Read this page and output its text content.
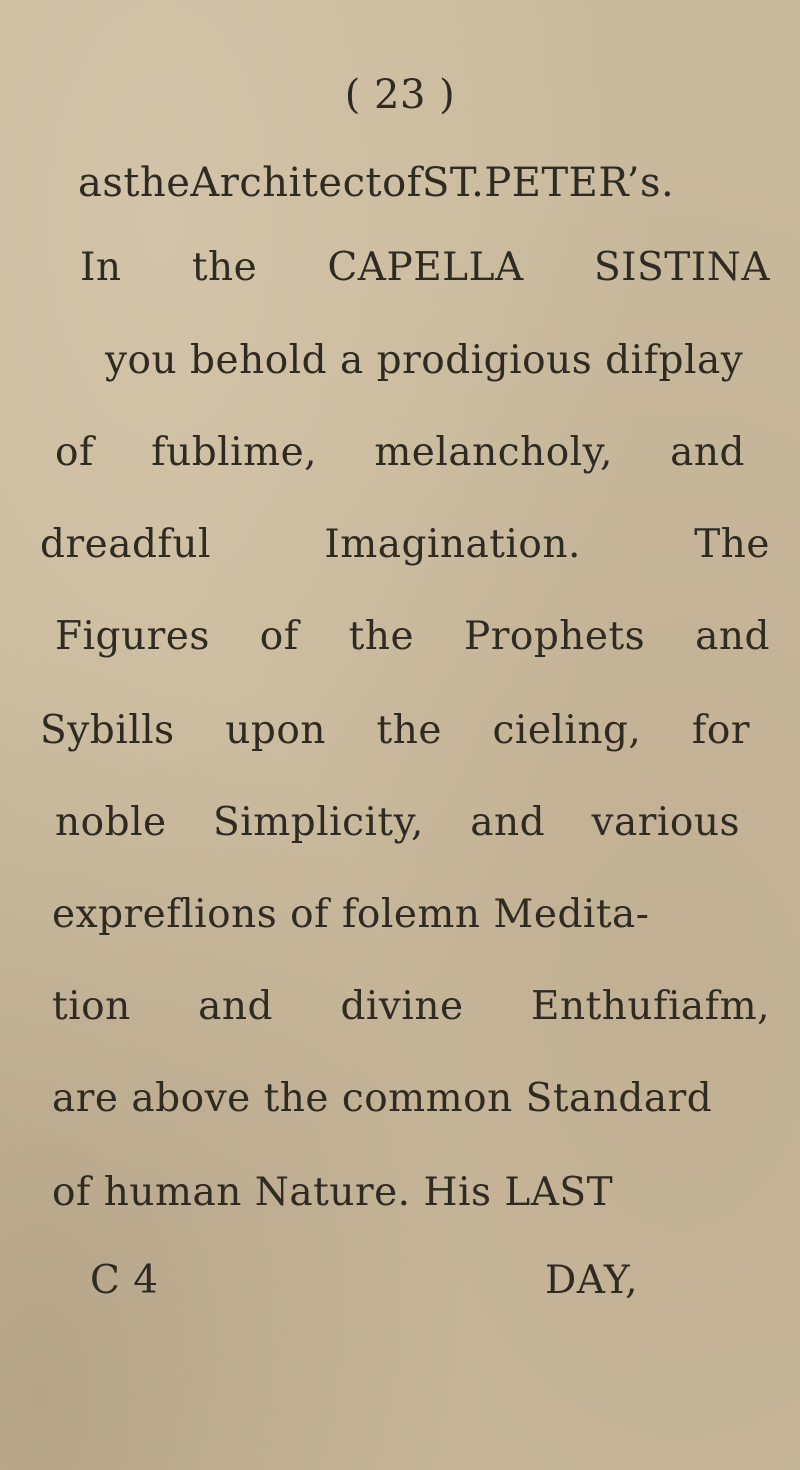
( 23 )
astheArchitectofST.PETER’s.
In the CAPELLA SISTINA
you behold a prodigious difplay
of fublime, melancholy, and
dreadful	Imagination.	The
Figures of the Prophets and
Sybills upon the cieling, for
noble Simplicity, and various
expreflions of folemn Medita-
tion and divine Enthufiafm,
are above the common Standard
of human Nature. His LAST
C 4	DAY,
